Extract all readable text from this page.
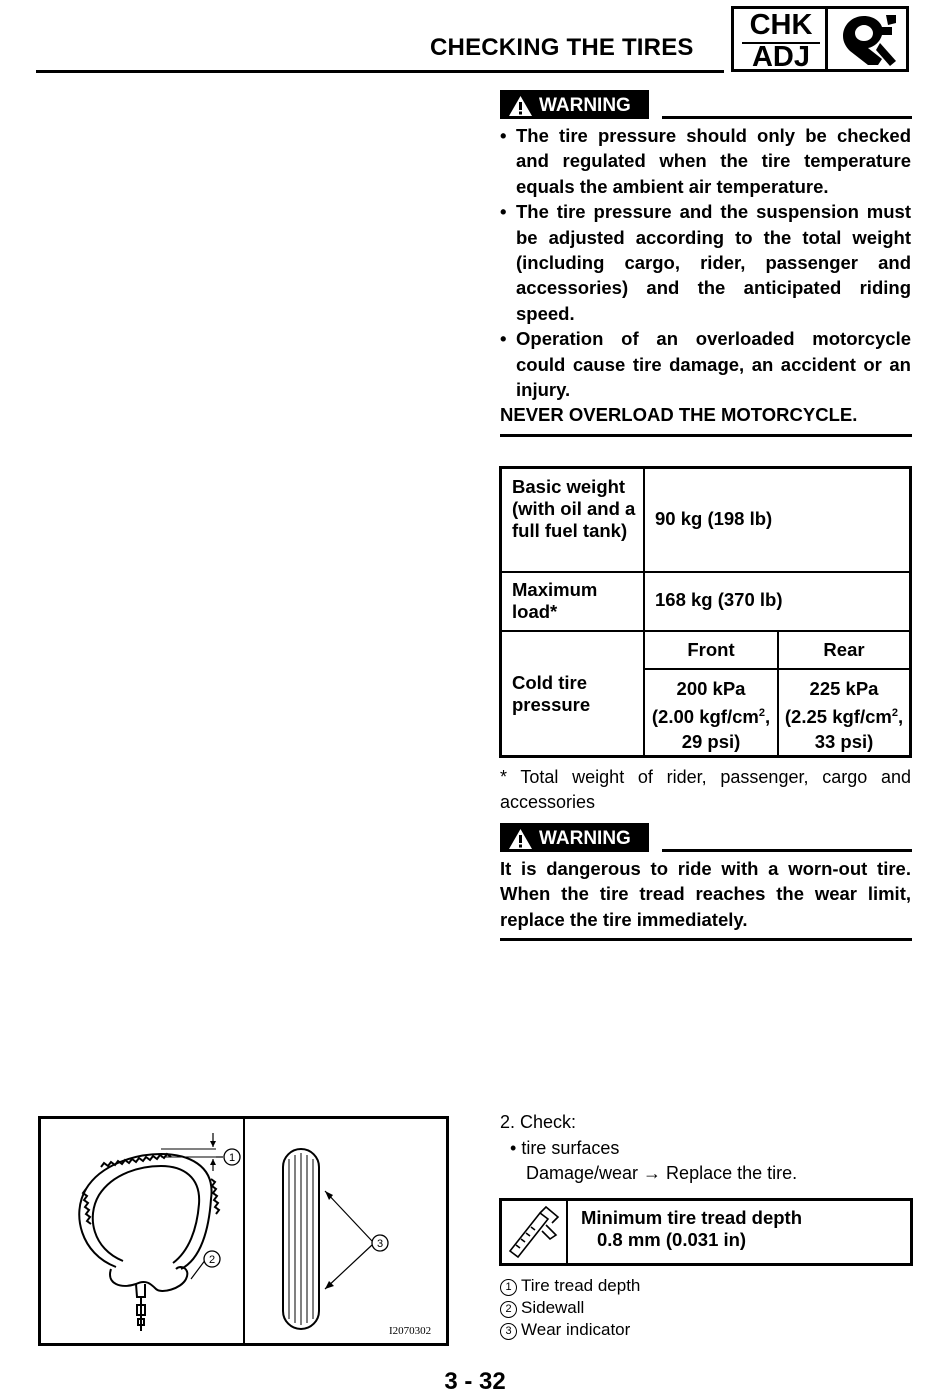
CHECKING THE TIRES
CHK
ADJ
WARNING
• The tire pressure should only be checked and regulated when the tire temperature equals the ambient air temperature.
• The tire pressure and the suspension must be adjusted according to the total weight (including cargo, rider, passenger and accessories) and the anticipated riding speed.
• Operation of an overloaded motorcycle could cause tire damage, an accident or an injury.
NEVER OVERLOAD THE MOTORCYCLE.
Basic weight (with oil and a full fuel tank)
90 kg (198 lb)
Maximum load*
168 kg (370 lb)
Cold tire pressure
Front	Rear
200 kPa
(2.00 kgf/$cm^2$,
29 psi)
225 kPa
(2.25 kgf/$cm^2$,
33 psi)
* Total weight of rider, passenger, cargo and accessories
WARNING
It is dangerous to ride with a worn-out tire. When the tire tread reaches the wear limit, replace the tire immediately.
1
2
3
I2070302
2. Check:
• tire surfaces
Damage/wear → Replace the tire.
Minimum tire tread depth
0.8 mm (0.031 in)
1 Tire tread depth
2 Sidewall
3 Wear indicator
3 - 32
